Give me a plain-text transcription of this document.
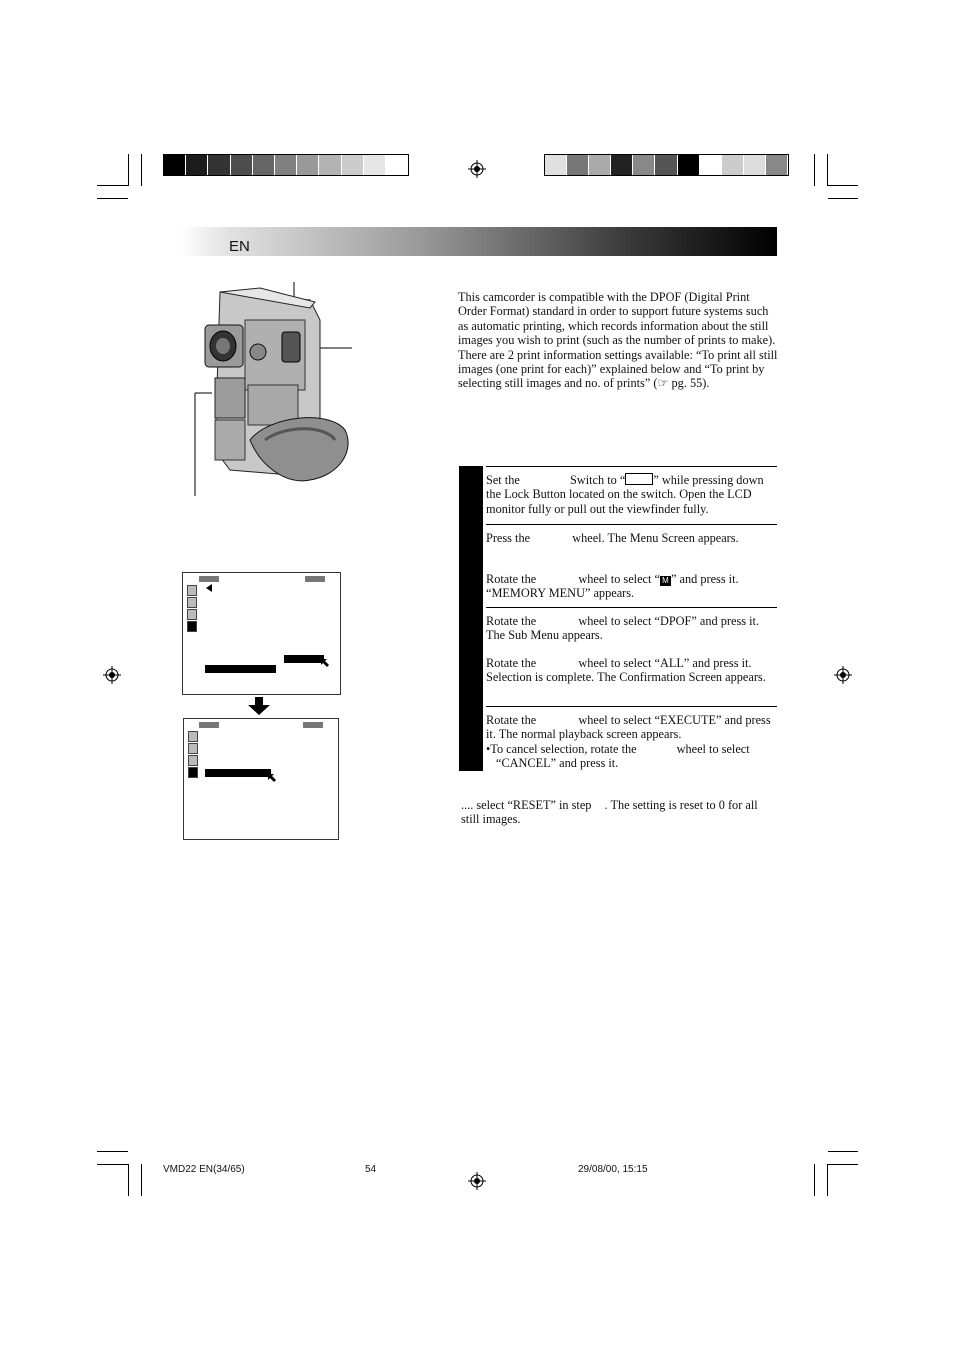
EN
This camcorder is compatible with the DPOF (Digital Print Order Format) standard in order to support future systems such as automatic printing, which records information about the still images you wish to print (such as the number of prints to make). There are 2 print information settings available: “To print all still images (one print for each)” explained below and “To print by selecting still images and no. of prints” (☞ pg. 55).
Set the	Switch to “ ” while pressing down the Lock Button located on the switch. Open the LCD monitor fully or pull out the viewfinder fully.
Press the	wheel. The Menu Screen appears.
Rotate the	wheel to select “ M ” and press it. “MEMORY MENU” appears.
Rotate the	wheel to select “DPOF” and press it. The Sub Menu appears.
Rotate the	wheel to select “ALL” and press it. Selection is complete. The Confirmation Screen appears.
Rotate the	wheel to select “EXECUTE” and press it. The normal playback screen appears.
•To cancel selection, rotate the	wheel to select “CANCEL” and press it.
.... select “RESET” in step . The setting is reset to 0 for all still images.
VMD22 EN(34/65)	54	29/08/00, 15:15
